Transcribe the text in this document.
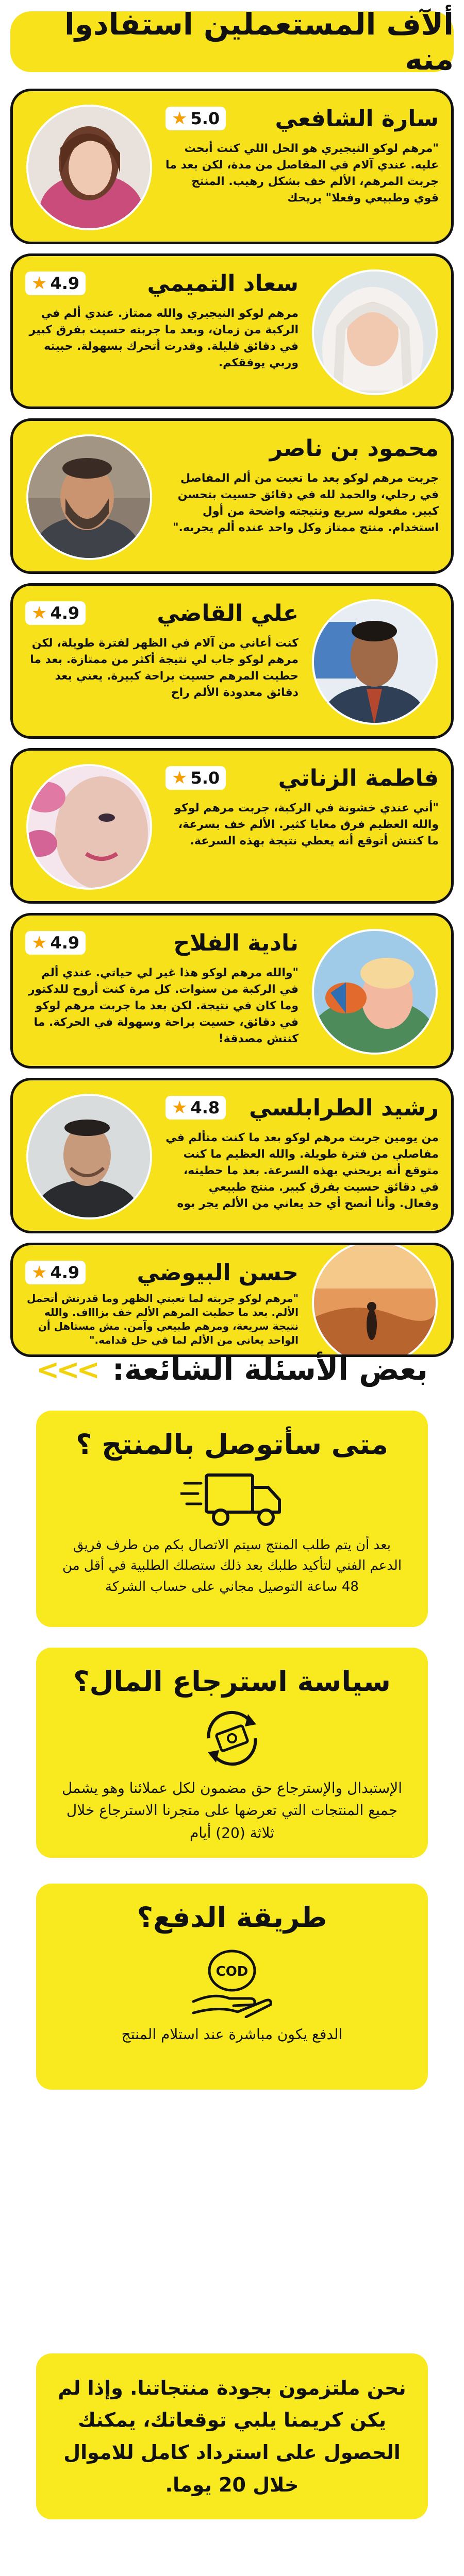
ألآف المستعملين استفادوا منه
سارة الشافعي
★ 5.0
"مرهم لوكو النيجيري هو الحل اللي كنت أبحث عليه. عندي آلام في المفاصل من مدة، لكن بعد ما جربت المرهم، الألم خف بشكل رهيب. المنتج قوي وطبيعي وفعلا" يريحك
سعاد التميمي
★ 4.9
مرهم لوكو النيجيري والله ممتاز. عندي ألم في الركبة من زمان، وبعد ما جربته حسيت بفرق كبير في دقائق قليلة. وقدرت أتحرك بسهولة. حبيته وربي يوفقكم.
محمود بن ناصر
جربت مرهم لوكو بعد ما تعبت من ألم المفاصل في رجلي، والحمد لله في دقائق حسيت بتحسن كبير. مفعوله سريع ونتيجته واضحة من أول استخدام. منتج ممتاز وكل واحد عنده ألم يجربه."
علي القاضي
★ 4.9
كنت أعاني من آلام في الظهر لفترة طويلة، لكن مرهم لوكو جاب لي نتيجة أكثر من ممتازة. بعد ما حطيت المرهم حسيت براحة كبيرة. يعني بعد دقائق معدودة الألم راح
فاطمة الزناتي
★ 5.0
"أني عندي خشونة في الركبة، جربت مرهم لوكو والله العظيم فرق معايا كثير. الألم خف بسرعة، ما كنتش أتوقع أنه يعطي نتيجة بهذه السرعة.
نادية الفلاح
★ 4.9
"والله مرهم لوكو هذا غير لي حياتي. عندي ألم في الركبة من سنوات. كل مرة كنت أروح للدكتور وما كان في نتيجة. لكن بعد ما جربت مرهم لوكو في دقائق، حسيت براحة وسهولة في الحركة. ما كنتش مصدقة!
رشيد الطرابلسي
★ 4.8
من يومين جربت مرهم لوكو بعد ما كنت متألم في مفاصلي من فترة طويلة. والله العظيم ما كنت متوقع أنه يريحني بهذه السرعة. بعد ما حطيته، في دقائق حسيت بفرق كبير. منتج طبيعي وفعال. وأنا أنصح أي حد يعاني من الألم يجر بوه
حسن البيوضي
★ 4.9
"مرهم لوكو جربته لما تعبني الظهر وما قدرتش أتحمل الألم. بعد ما حطيت المرهم الألم خف بزاااف. والله نتيجة سريعة، ومرهم طبيعي وآمن. مش مستاهل أن الواحد يعاني من الألم لما في حل قدامه."
بعض الأسئلة الشائعة:
<<<
متى سأتوصل بالمنتج ؟
بعد أن يتم طلب المنتج سيتم الاتصال بكم من طرف فريق الدعم الفني لتأكيد طلبك بعد ذلك ستصلك الطلبية في أقل من 48 ساعة التوصيل مجاني على حساب الشركة
سياسة استرجاع المال؟
الإستبدال والإسترجاع حق مضمون لكل عملائنا وهو يشمل جميع المنتجات التي تعرضها على متجرنا الاسترجاع خلال ثلاثة (20) أيام
طريقة الدفع؟
COD
الدفع يكون مباشرة عند استلام المنتج
نحن ملتزمون بجودة منتجاتنا. وإذا لم يكن كريمنا يلبي توقعاتك، يمكنك الحصول على استرداد كامل للاموال خلال 20 يوما.
